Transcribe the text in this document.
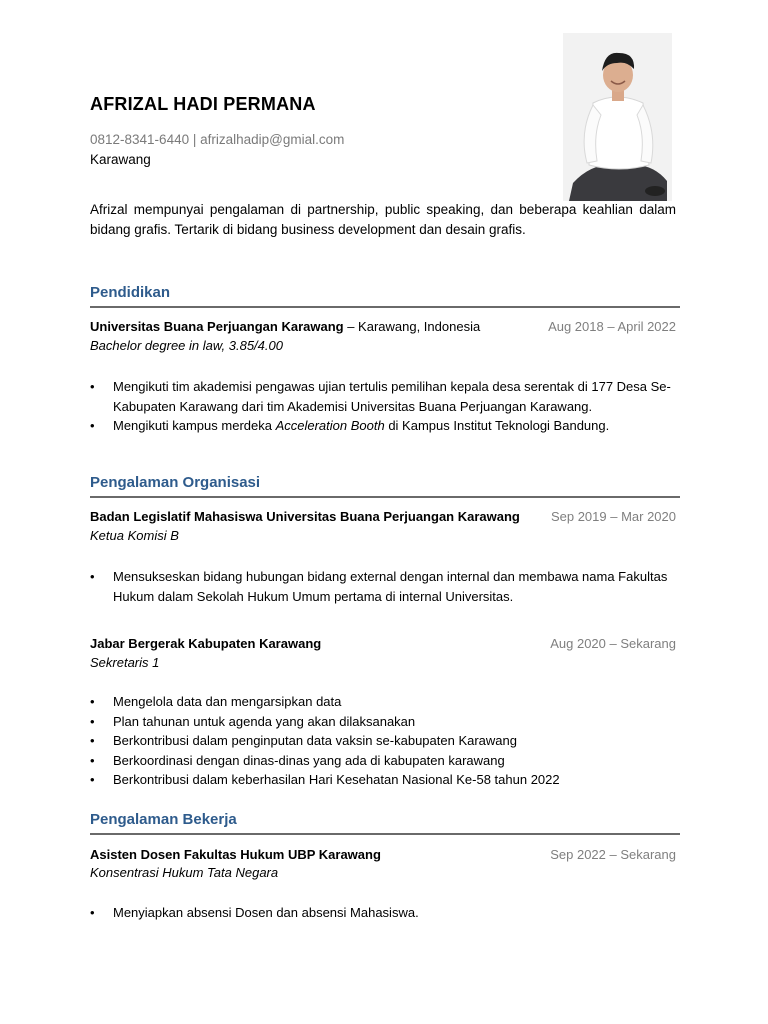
AFRIZAL HADI PERMANA
0812-8341-6440 | afrizalhadip@gmial.com
Karawang
Afrizal mempunyai pengalaman di partnership, public speaking, dan beberapa keahlian dalam bidang grafis. Tertarik di bidang business development dan desain grafis.
Pendidikan
Universitas Buana Perjuangan Karawang – Karawang, Indonesia	Aug 2018 – April 2022
Bachelor degree in law, 3.85/4.00
• Mengikuti tim akademisi pengawas ujian tertulis pemilihan kepala desa serentak di 177 Desa Se-Kabupaten Karawang dari tim Akademisi Universitas Buana Perjuangan Karawang.
• Mengikuti kampus merdeka Acceleration Booth di Kampus Institut Teknologi Bandung.
Pengalaman Organisasi
Badan Legislatif Mahasiswa Universitas Buana Perjuangan Karawang Sep 2019 – Mar 2020
Ketua Komisi B
• Mensukseskan bidang hubungan bidang external dengan internal dan membawa nama Fakultas Hukum dalam Sekolah Hukum Umum pertama di internal Universitas.
Jabar Bergerak Kabupaten Karawang	Aug 2020 – Sekarang
Sekretaris 1
• Mengelola data dan mengarsipkan data
• Plan tahunan untuk agenda yang akan dilaksanakan
• Berkontribusi dalam penginputan data vaksin se-kabupaten Karawang
• Berkoordinasi dengan dinas-dinas yang ada di kabupaten karawang
• Berkontribusi dalam keberhasilan Hari Kesehatan Nasional Ke-58 tahun 2022
Pengalaman Bekerja
Asisten Dosen Fakultas Hukum UBP Karawang	Sep 2022 – Sekarang
Konsentrasi Hukum Tata Negara
• Menyiapkan absensi Dosen dan absensi Mahasiswa.
